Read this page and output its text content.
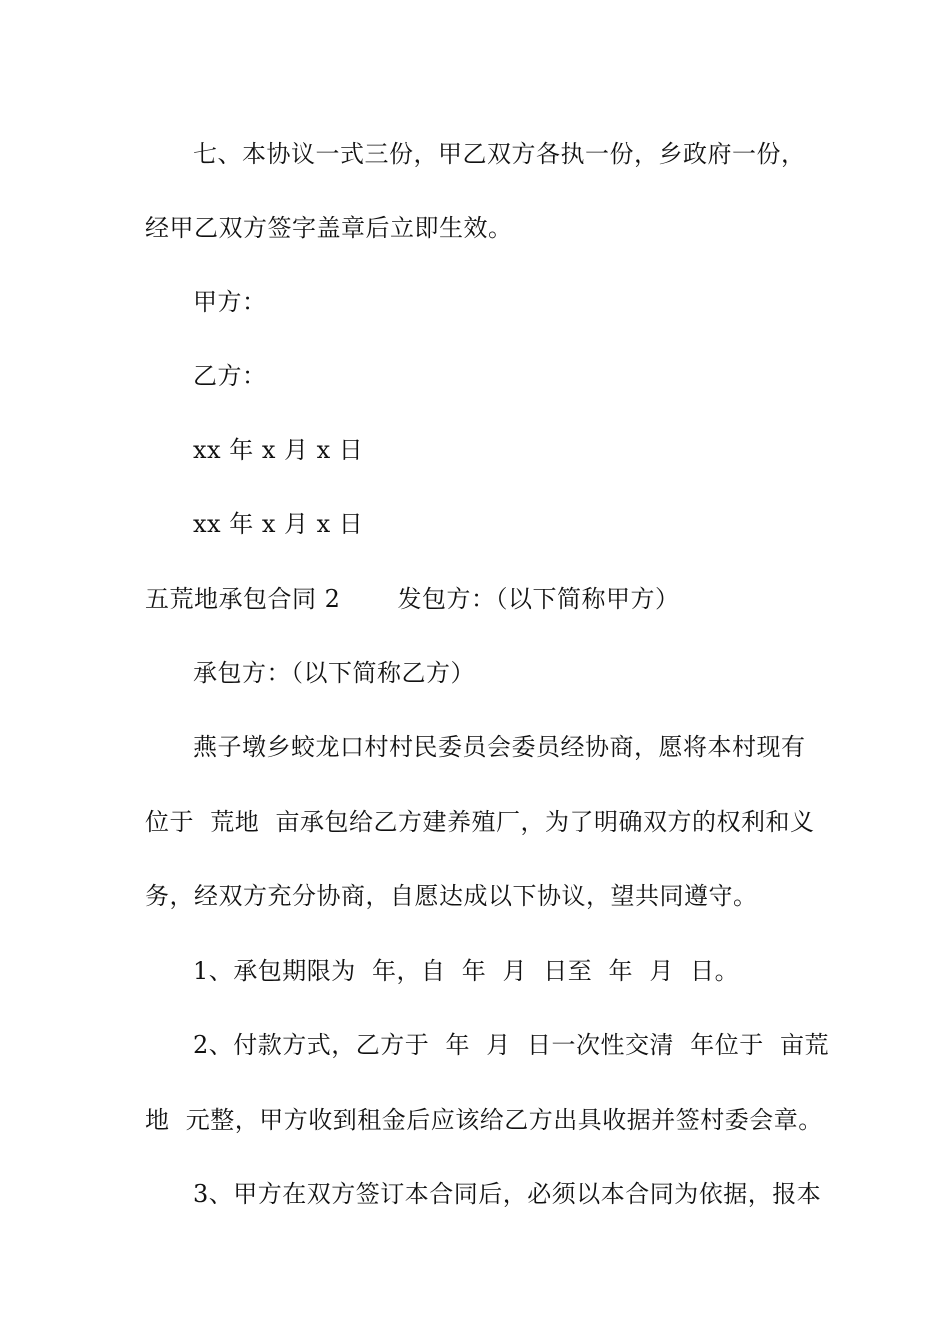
七、本协议一式三份，甲乙双方各执一份，乡政府一份，
经甲乙双方签字盖章后立即生效。
甲方：
乙方：
xx 年 x 月 x 日
xx 年 x 月 x 日
五荒地承包合同 2　　 发包方：（以下简称甲方）
承包方：（以下简称乙方）
燕子墩乡蛟龙口村村民委员会委员经协商，愿将本村现有
位于  荒地  亩承包给乙方建养殖厂，为了明确双方的权利和义
务，经双方充分协商，自愿达成以下协议，望共同遵守。
1、承包期限为  年，自  年  月  日至  年  月  日。
2、付款方式，乙方于  年  月  日一次性交清  年位于  亩荒
地  元整，甲方收到租金后应该给乙方出具收据并签村委会章。
3、甲方在双方签订本合同后，必须以本合同为依据，报本
